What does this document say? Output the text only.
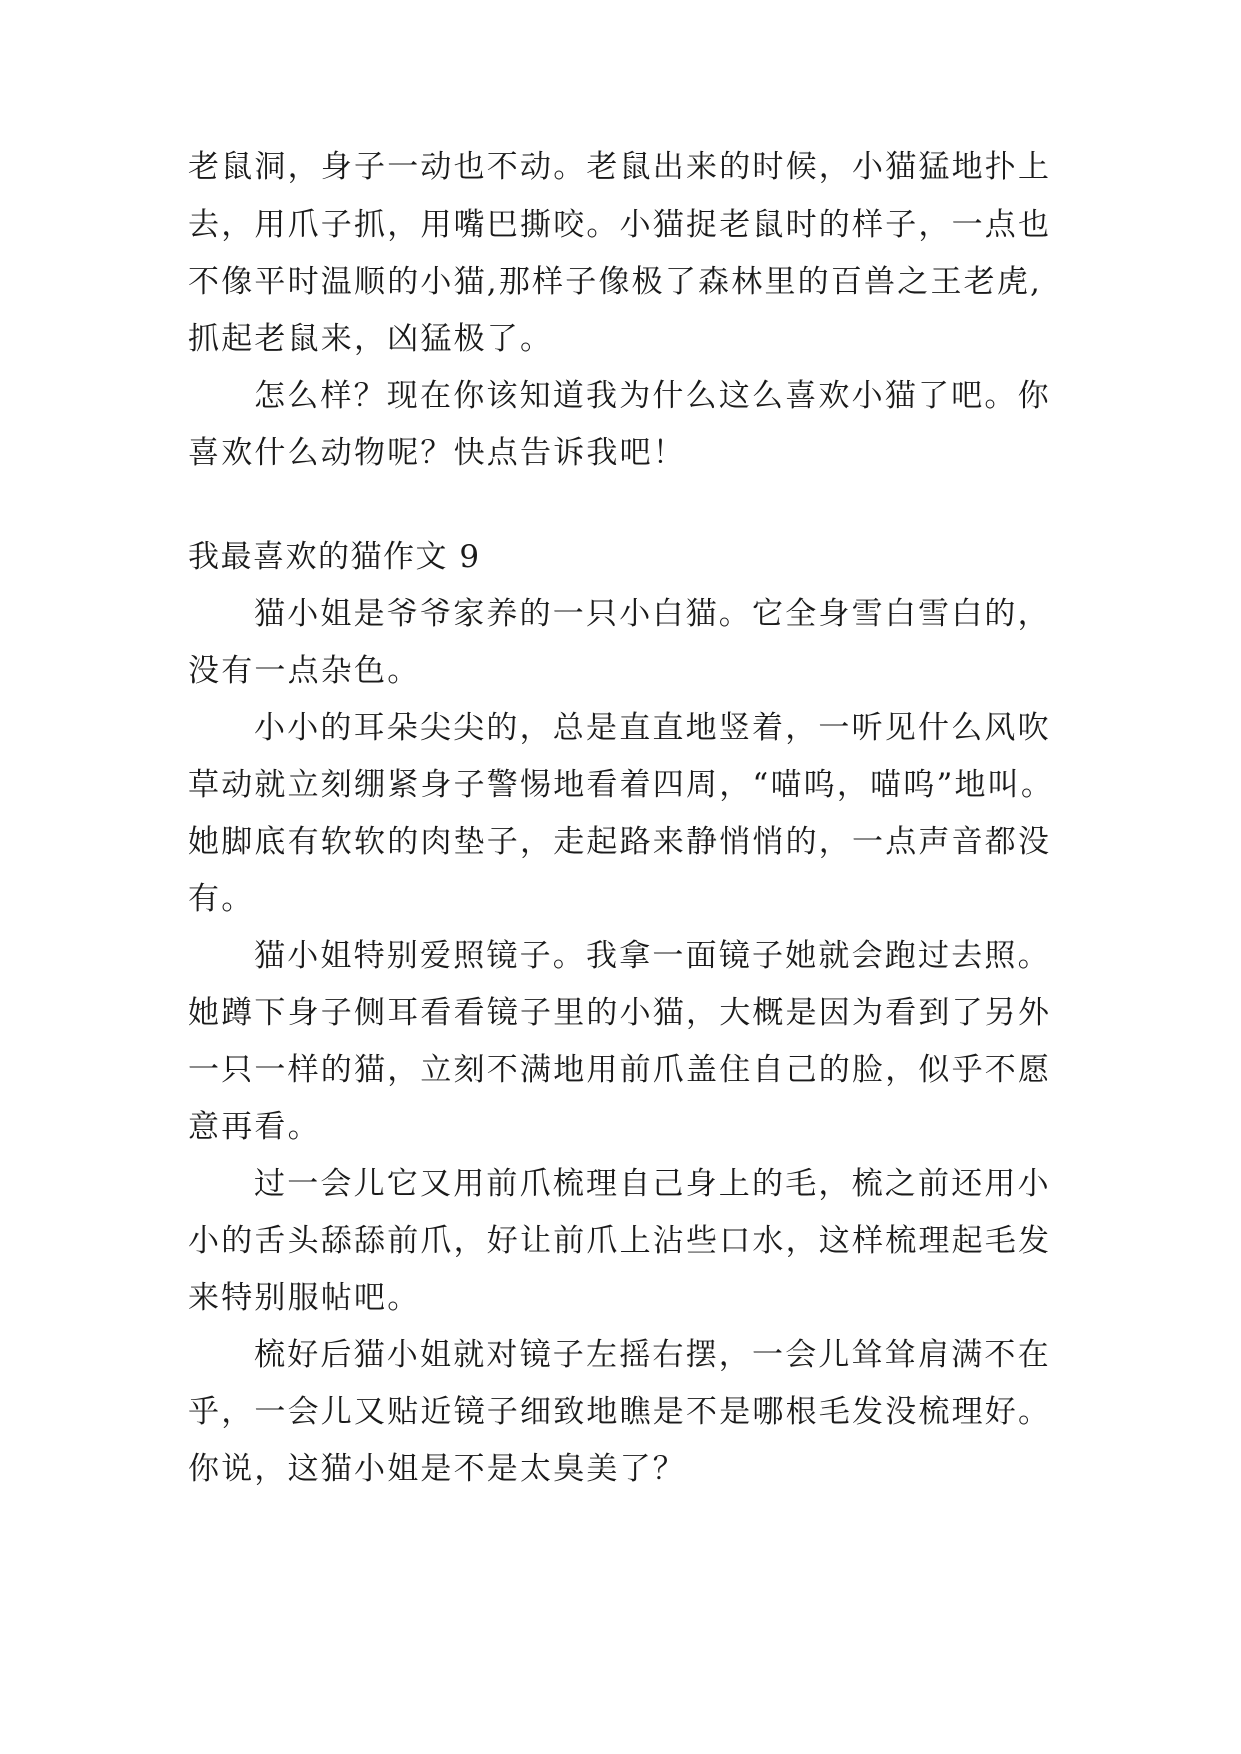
老鼠洞，身子一动也不动。老鼠出来的时候，小猫猛地扑上
去，用爪子抓，用嘴巴撕咬。小猫捉老鼠时的样子，一点也
不像平时温顺的小猫,那样子像极了森林里的百兽之王老虎,
抓起老鼠来，凶猛极了。
怎么样？现在你该知道我为什么这么喜欢小猫了吧。你
喜欢什么动物呢？快点告诉我吧！
我最喜欢的猫作文 9
猫小姐是爷爷家养的一只小白猫。它全身雪白雪白的，
没有一点杂色。
小小的耳朵尖尖的，总是直直地竖着，一听见什么风吹
草动就立刻绷紧身子警惕地看着四周，“喵呜，喵呜”地叫。
她脚底有软软的肉垫子，走起路来静悄悄的，一点声音都没
有。
猫小姐特别爱照镜子。我拿一面镜子她就会跑过去照。
她蹲下身子侧耳看看镜子里的小猫，大概是因为看到了另外
一只一样的猫，立刻不满地用前爪盖住自己的脸，似乎不愿
意再看。
过一会儿它又用前爪梳理自己身上的毛，梳之前还用小
小的舌头舔舔前爪，好让前爪上沾些口水，这样梳理起毛发
来特别服帖吧。
梳好后猫小姐就对镜子左摇右摆，一会儿耸耸肩满不在
乎，一会儿又贴近镜子细致地瞧是不是哪根毛发没梳理好。
你说，这猫小姐是不是太臭美了？
